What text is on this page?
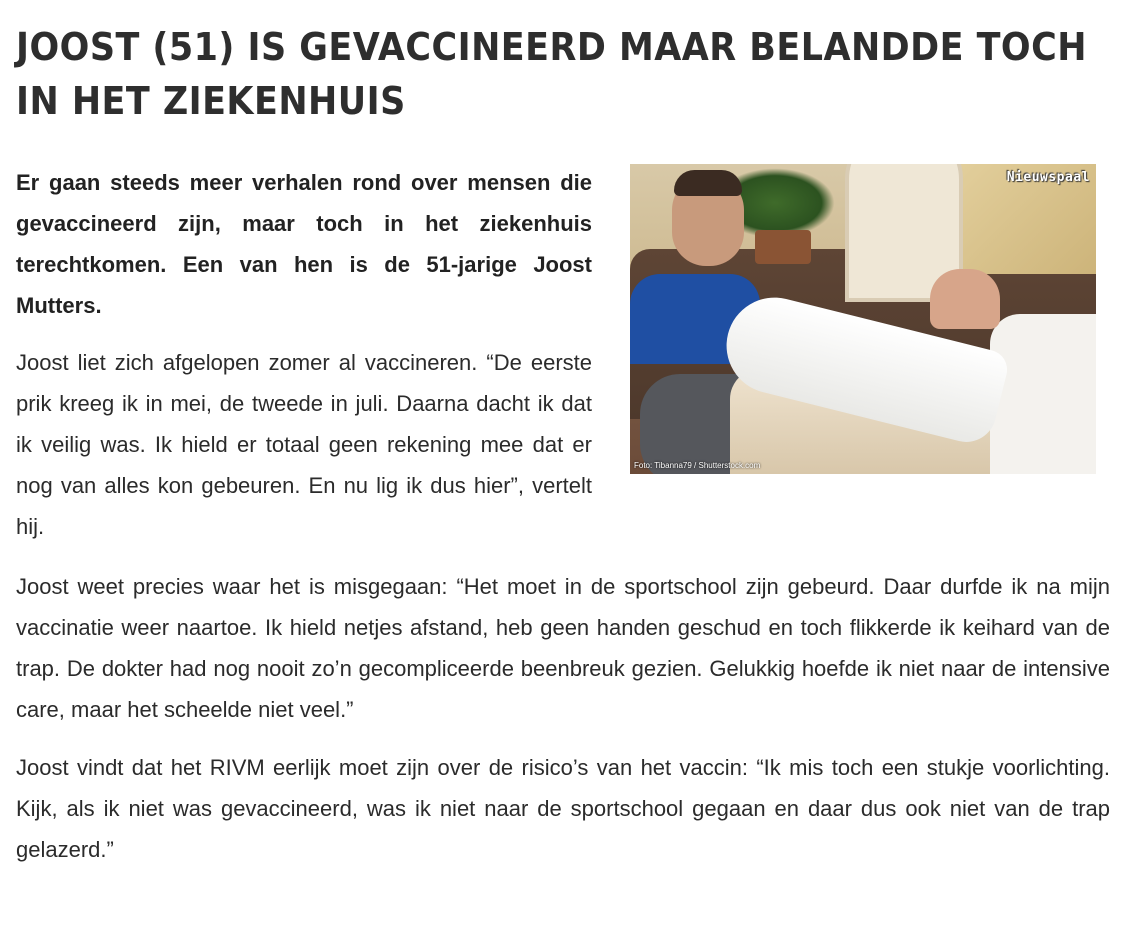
JOOST (51) IS GEVACCINEERD MAAR BELANDDE TOCH IN HET ZIEKENHUIS

Er gaan steeds meer verhalen rond over mensen die gevaccineerd zijn, maar toch in het ziekenhuis terechtkomen. Een van hen is de 51-jarige Joost Mutters.

Joost liet zich afgelopen zomer al vaccineren. “De eerste prik kreeg ik in mei, de tweede in juli. Daarna dacht ik dat ik veilig was. Ik hield er totaal geen rekening mee dat er nog van alles kon gebeuren. En nu lig ik dus hier”, vertelt hij.

Nieuwspaal
Foto: Tibanna79 / Shutterstock.com

Joost weet precies waar het is misgegaan: “Het moet in de sportschool zijn gebeurd. Daar durfde ik na mijn vaccinatie weer naartoe. Ik hield netjes afstand, heb geen handen geschud en toch flikkerde ik keihard van de trap. De dokter had nog nooit zo’n gecompliceerde beenbreuk gezien. Gelukkig hoefde ik niet naar de intensive care, maar het scheelde niet veel.”

Joost vindt dat het RIVM eerlijk moet zijn over de risico’s van het vaccin: “Ik mis toch een stukje voorlichting. Kijk, als ik niet was gevaccineerd, was ik niet naar de sportschool gegaan en daar dus ook niet van de trap gelazerd.”
